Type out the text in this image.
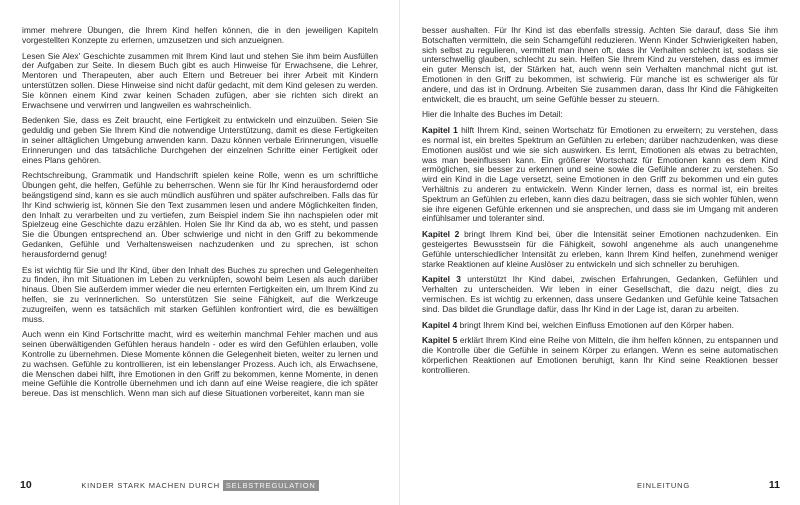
immer mehrere Übungen, die Ihrem Kind helfen können, die in den jeweiligen Kapiteln vorgestellten Konzepte zu erlernen, umzusetzen und sich anzueignen.

Lesen Sie Alex' Geschichte zusammen mit Ihrem Kind laut und stehen Sie ihm beim Ausfüllen der Aufgaben zur Seite. In diesem Buch gibt es auch Hinweise für Erwachsene, die Lehrer, Mentoren und Therapeuten, aber auch Eltern und Betreuer bei ihrer Arbeit mit Kindern unterstützen sollen. Diese Hinweise sind nicht dafür gedacht, mit dem Kind gelesen zu werden. Sie können einem Kind zwar keinen Schaden zufügen, aber sie richten sich direkt an Erwachsene und verwirren und langweilen es wahrscheinlich.

Bedenken Sie, dass es Zeit braucht, eine Fertigkeit zu entwickeln und einzuüben. Seien Sie geduldig und geben Sie Ihrem Kind die notwendige Unterstützung, damit es diese Fertigkeiten in seiner alltäglichen Umgebung anwenden kann. Dazu können verbale Erinnerungen, visuelle Erinnerungen und das tatsächliche Durchgehen der einzelnen Schritte einer Fertigkeit oder eines Plans gehören.

Rechtschreibung, Grammatik und Handschrift spielen keine Rolle, wenn es um schriftliche Übungen geht, die helfen, Gefühle zu beherrschen. Wenn sie für Ihr Kind herausfordernd oder beängstigend sind, kann es sie auch mündlich ausführen und später aufschreiben. Falls das für Ihr Kind schwierig ist, können Sie den Text zusammen lesen und andere Möglichkeiten finden, den Inhalt zu verarbeiten und zu vertiefen, zum Beispiel indem Sie ihn nachspielen oder mit Spielzeug eine Geschichte dazu erzählen. Holen Sie Ihr Kind da ab, wo es steht, und passen Sie die Übungen entsprechend an. Über schwierige und nicht in den Griff zu bekommende Gedanken, Gefühle und Verhaltensweisen nachzudenken und zu sprechen, ist schon herausfordernd genug!

Es ist wichtig für Sie und Ihr Kind, über den Inhalt des Buches zu sprechen und Gelegenheiten zu finden, ihn mit Situationen im Leben zu verknüpfen, sowohl beim Lesen als auch darüber hinaus. Üben Sie außerdem immer wieder die neu erlernten Fertigkeiten ein, um Ihrem Kind zu helfen, sie zu verinnerlichen. So unterstützen Sie seine Fähigkeit, auf die Werkzeuge zuzugreifen, wenn es tatsächlich mit starken Gefühlen konfrontiert wird, die es bewältigen muss.

Auch wenn ein Kind Fortschritte macht, wird es weiterhin manchmal Fehler machen und aus seinen überwältigenden Gefühlen heraus handeln - oder es wird den Gefühlen erlauben, volle Kontrolle zu übernehmen. Diese Momente können die Gelegenheit bieten, weiter zu lernen und zu wachsen. Gefühle zu kontrollieren, ist ein lebenslanger Prozess. Auch ich, als Erwachsene, die Menschen dabei hilft, ihre Emotionen in den Griff zu bekommen, kenne Momente, in denen meine Gefühle die Kontrolle übernehmen und ich dann auf eine Weise reagiere, die ich später bereue. Das ist menschlich. Wenn man sich auf diese Situationen vorbereitet, kann man sie

besser aushalten. Für Ihr Kind ist das ebenfalls stressig. Achten Sie darauf, dass Sie ihm Botschaften vermitteln, die sein Schamgefühl reduzieren. Wenn Kinder Schwierigkeiten haben, sich selbst zu regulieren, vermittelt man ihnen oft, dass ihr Verhalten schlecht ist, sodass sie unterschwellig glauben, schlecht zu sein. Helfen Sie Ihrem Kind zu verstehen, dass es immer ein guter Mensch ist, der Stärken hat, auch wenn sein Verhalten manchmal nicht gut ist. Emotionen in den Griff zu bekommen, ist schwierig. Für manche ist es schwieriger als für andere, und das ist in Ordnung. Arbeiten Sie zusammen daran, dass Ihr Kind die Fähigkeiten entwickelt, die es braucht, um seine Gefühle besser zu steuern.

Hier die Inhalte des Buches im Detail:

Kapitel 1 hilft Ihrem Kind, seinen Wortschatz für Emotionen zu erweitern; zu verstehen, dass es normal ist, ein breites Spektrum an Gefühlen zu erleben; darüber nachzudenken, was diese Emotionen auslöst und wie sie sich auswirken. Es lernt, Emotionen als etwas zu betrachten, was man beeinflussen kann. Ein größerer Wortschatz für Emotionen kann es dem Kind ermöglichen, sie besser zu erkennen und seine sowie die Gefühle anderer zu verstehen. So wird ein Kind in die Lage versetzt, seine Emotionen in den Griff zu bekommen und ein gutes Verhältnis zu anderen zu entwickeln. Wenn Kinder lernen, dass es normal ist, ein breites Spektrum an Gefühlen zu erleben, kann dies dazu beitragen, dass sie sich wohler fühlen, wenn sie ihre eigenen Gefühle erkennen und sie ansprechen, und dass sie im Umgang mit anderen einfühlsamer und toleranter sind.

Kapitel 2 bringt Ihrem Kind bei, über die Intensität seiner Emotionen nachzudenken. Ein gesteigertes Bewusstsein für die Fähigkeit, sowohl angenehme als auch unangenehme Gefühle unterschiedlicher Intensität zu erleben, kann Ihrem Kind helfen, zunehmend weniger starke Reaktionen auf kleine Auslöser zu entwickeln und sich schneller zu beruhigen.

Kapitel 3 unterstützt Ihr Kind dabei, zwischen Erfahrungen, Gedanken, Gefühlen und Verhalten zu unterscheiden. Wir leben in einer Gesellschaft, die dazu neigt, dies zu vermischen. Es ist wichtig zu erkennen, dass unsere Gedanken und Gefühle keine Tatsachen sind. Das bildet die Grundlage dafür, dass Ihr Kind in der Lage ist, daran zu arbeiten.

Kapitel 4 bringt Ihrem Kind bei, welchen Einfluss Emotionen auf den Körper haben.

Kapitel 5 erklärt Ihrem Kind eine Reihe von Mitteln, die ihm helfen können, zu entspannen und die Kontrolle über die Gefühle in seinem Körper zu erlangen. Wenn es seine automatischen körperlichen Reaktionen auf Emotionen beruhigt, kann Ihr Kind seine Reaktionen besser kontrollieren.

10	KINDER STARK MACHEN DURCH SELBSTREGULATION	EINLEITUNG	11
